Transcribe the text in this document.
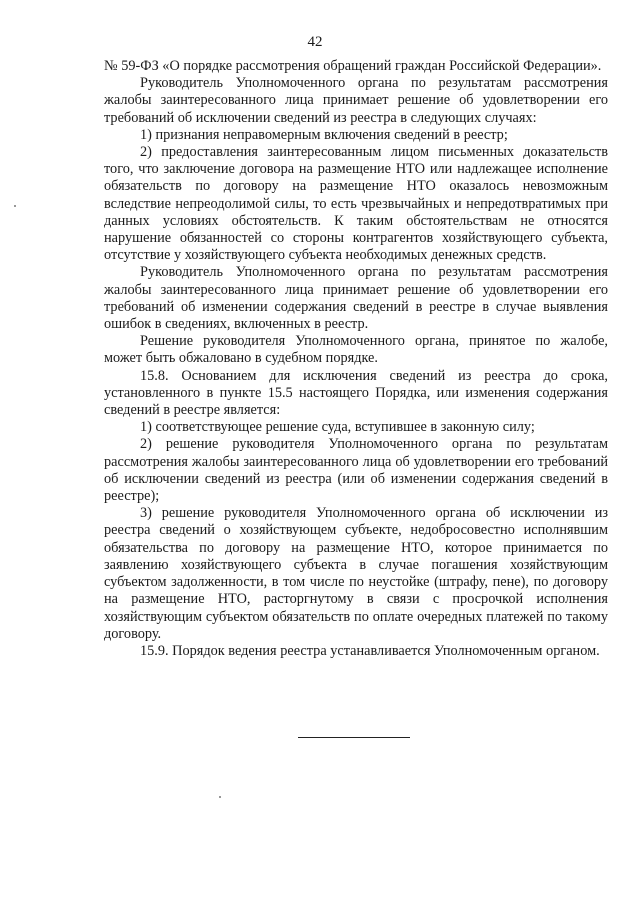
42

№ 59-ФЗ «О порядке рассмотрения обращений граждан Российской Федерации».

Руководитель Уполномоченного органа по результатам рассмотрения жалобы заинтересованного лица принимает решение об удовлетворении его требований об исключении сведений из реестра в следующих случаях:

1) признания неправомерным включения сведений в реестр;

2) предоставления заинтересованным лицом письменных доказательств того, что заключение договора на размещение НТО или надлежащее исполнение обязательств по договору на размещение НТО оказалось невозможным вследствие непреодолимой силы, то есть чрезвычайных и непредотвратимых при данных условиях обстоятельств. К таким обстоятельствам не относятся нарушение обязанностей со стороны контрагентов хозяйствующего субъекта, отсутствие у хозяйствующего субъекта необходимых денежных средств.

Руководитель Уполномоченного органа по результатам рассмотрения жалобы заинтересованного лица принимает решение об удовлетворении его требований об изменении содержания сведений в реестре в случае выявления ошибок в сведениях, включенных в реестр.

Решение руководителя Уполномоченного органа, принятое по жалобе, может быть обжаловано в судебном порядке.

15.8. Основанием для исключения сведений из реестра до срока, установленного в пункте 15.5 настоящего Порядка, или изменения содержания сведений в реестре является:

1) соответствующее решение суда, вступившее в законную силу;

2) решение руководителя Уполномоченного органа по результатам рассмотрения жалобы заинтересованного лица об удовлетворении его требований об исключении сведений из реестра (или об изменении содержания сведений в реестре);

3) решение руководителя Уполномоченного органа об исключении из реестра сведений о хозяйствующем субъекте, недобросовестно исполнявшим обязательства по договору на размещение НТО, которое принимается по заявлению хозяйствующего субъекта в случае погашения хозяйствующим субъектом задолженности, в том числе по неустойке (штрафу, пене), по договору на размещение НТО, расторгнутому в связи с просрочкой исполнения хозяйствующим субъектом обязательств по оплате очередных платежей по такому договору.

15.9. Порядок ведения реестра устанавливается Уполномоченным органом.
